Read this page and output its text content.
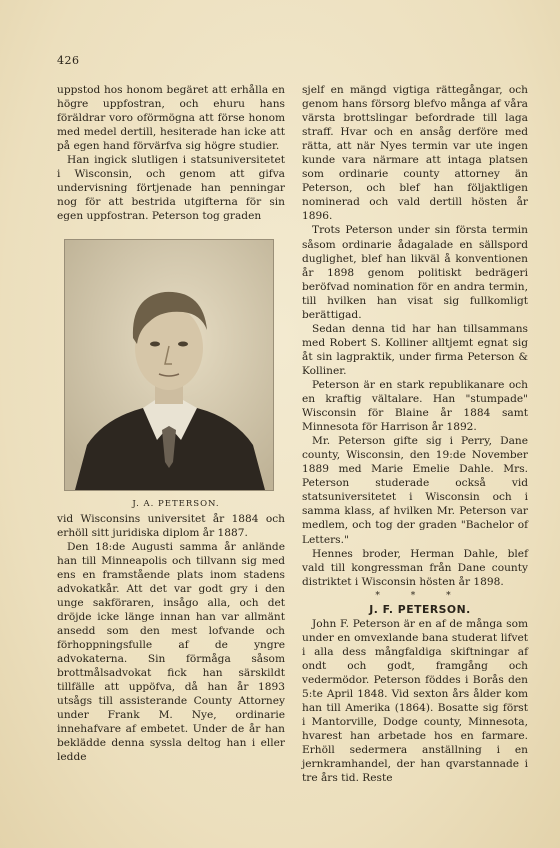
426

uppstod hos honom begäret att erhålla en högre uppfostran, och ehuru hans föräldrar voro oförmögna att förse honom med medel dertill, hesiterade han icke att på egen hand förvärfva sig högre studier.

Han ingick slutligen i statsuniversitetet i Wisconsin, och genom att gifva undervisning förtjenade han penningar nog för att bestrida utgifterna för sin egen uppfostran. Peterson tog graden

J. A. PETERSON.

vid Wisconsins universitet år 1884 och erhöll sitt juridiska diplom år 1887.

Den 18:de Augusti samma år anlände han till Minneapolis och tillvann sig med ens en framstående plats inom stadens advokatkår. Att det var godt gry i den unge sakföraren, insågo alla, och det dröjde icke länge innan han var allmänt ansedd som den mest lofvande och förhoppningsfulle af de yngre advokaterna. Sin förmåga såsom brottmålsadvokat fick han särskildt tillfälle att uppöfva, då han år 1893 utsågs till assisterande County Attorney under Frank M. Nye, ordinarie innehafvare af embetet. Under de år han beklädde denna syssla deltog han i eller ledde

sjelf en mängd vigtiga rättegångar, och genom hans försorg blefvo många af våra värsta brottslingar befordrade till laga straff. Hvar och en ansåg derföre med rätta, att när Nyes termin var ute ingen kunde vara närmare att intaga platsen som ordinarie county attorney än Peterson, och blef han följaktligen nominerad och vald dertill hösten år 1896.

Trots Peterson under sin första termin såsom ordinarie ådagalade en sällspord duglighet, blef han likväl å konventionen år 1898 genom politiskt bedrägeri beröfvad nomination för en andra termin, till hvilken han visat sig fullkomligt berättigad.

Sedan denna tid har han tillsammans med Robert S. Kolliner alltjemt egnat sig åt sin lagpraktik, under firma Peterson & Kolliner.

Peterson är en stark republikanare och en kraftig vältalare. Han "stumpade" Wisconsin för Blaine år 1884 samt Minnesota för Harrison år 1892.

Mr. Peterson gifte sig i Perry, Dane county, Wisconsin, den 19:de November 1889 med Marie Emelie Dahle. Mrs. Peterson studerade också vid statsuniversitetet i Wisconsin och i samma klass, af hvilken Mr. Peterson var medlem, och tog der graden "Bachelor of Letters."

Hennes broder, Herman Dahle, blef vald till kongressman från Dane county distriktet i Wisconsin hösten år 1898.

* * *

J. F. PETERSON.

John F. Peterson är en af de många som under en omvexlande bana studerat lifvet i alla dess mångfaldiga skiftningar af ondt och godt, framgång och vedermödor. Peterson föddes i Borås den 5:te April 1848. Vid sexton års ålder kom han till Amerika (1864). Bosatte sig först i Mantorville, Dodge county, Minnesota, hvarest han arbetade hos en farmare. Erhöll sedermera anställning i en jernkramhandel, der han qvarstannade i tre års tid. Reste
